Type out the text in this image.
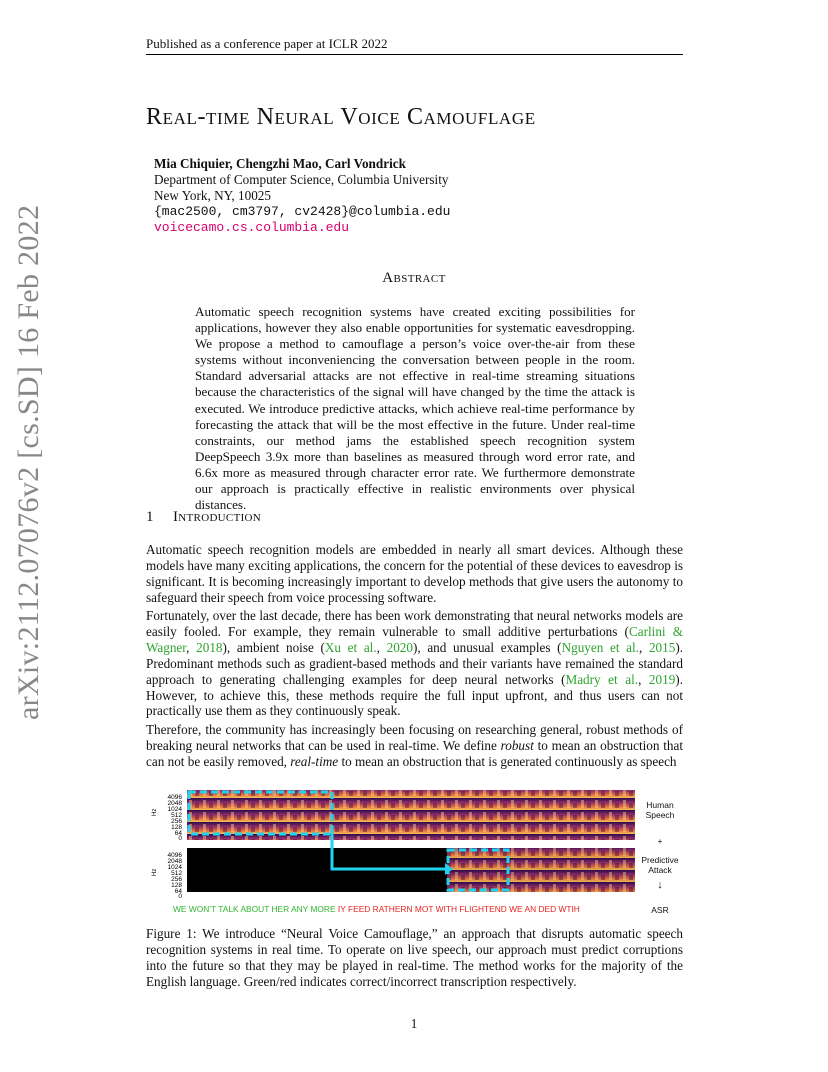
Published as a conference paper at ICLR 2022
Real-time Neural Voice Camouflage
Mia Chiquier, Chengzhi Mao, Carl Vondrick
Department of Computer Science, Columbia University
New York, NY, 10025
{mac2500, cm3797, cv2428}@columbia.edu
voicecamo.cs.columbia.edu
Abstract
Automatic speech recognition systems have created exciting possibilities for applications, however they also enable opportunities for systematic eavesdropping. We propose a method to camouflage a person’s voice over-the-air from these systems without inconveniencing the conversation between people in the room. Standard adversarial attacks are not effective in real-time streaming situations because the characteristics of the signal will have changed by the time the attack is executed. We introduce predictive attacks, which achieve real-time performance by forecasting the attack that will be the most effective in the future. Under real-time constraints, our method jams the established speech recognition system DeepSpeech 3.9x more than baselines as measured through word error rate, and 6.6x more as measured through character error rate. We furthermore demonstrate our approach is practically effective in realistic environments over physical distances.
1 Introduction
Automatic speech recognition models are embedded in nearly all smart devices. Although these models have many exciting applications, the concern for the potential of these devices to eavesdrop is significant. It is becoming increasingly important to develop methods that give users the autonomy to safeguard their speech from voice processing software.
Fortunately, over the last decade, there has been work demonstrating that neural networks models are easily fooled. For example, they remain vulnerable to small additive perturbations (Carlini & Wagner, 2018), ambient noise (Xu et al., 2020), and unusual examples (Nguyen et al., 2015). Predominant methods such as gradient-based methods and their variants have remained the standard approach to generating challenging examples for deep neural networks (Madry et al., 2019). However, to achieve this, these methods require the full input upfront, and thus users can not practically use them as they continuously speak.
Therefore, the community has increasingly been focusing on researching general, robust methods of breaking neural networks that can be used in real-time. We define robust to mean an obstruction that can not be easily removed, real-time to mean an obstruction that is generated continuously as speech
arXiv:2112.07076v2 [cs.SD] 16 Feb 2022
Hz
4096
2048
1024
512
256
128
64
0
Hz
4096
2048
1024
512
256
128
64
0
Human
Speech
+
Predictive
Attack
↓
WE WON’T TALK ABOUT HER ANY MORE IY FEED RATHERN MOT WITH FLIGHTEND WE AN DED WTIH	ASR
Figure 1: We introduce “Neural Voice Camouflage,” an approach that disrupts automatic speech recognition systems in real time. To operate on live speech, our approach must predict corruptions into the future so that they may be played in real-time. The method works for the majority of the English language. Green/red indicates correct/incorrect transcription respectively.
1
